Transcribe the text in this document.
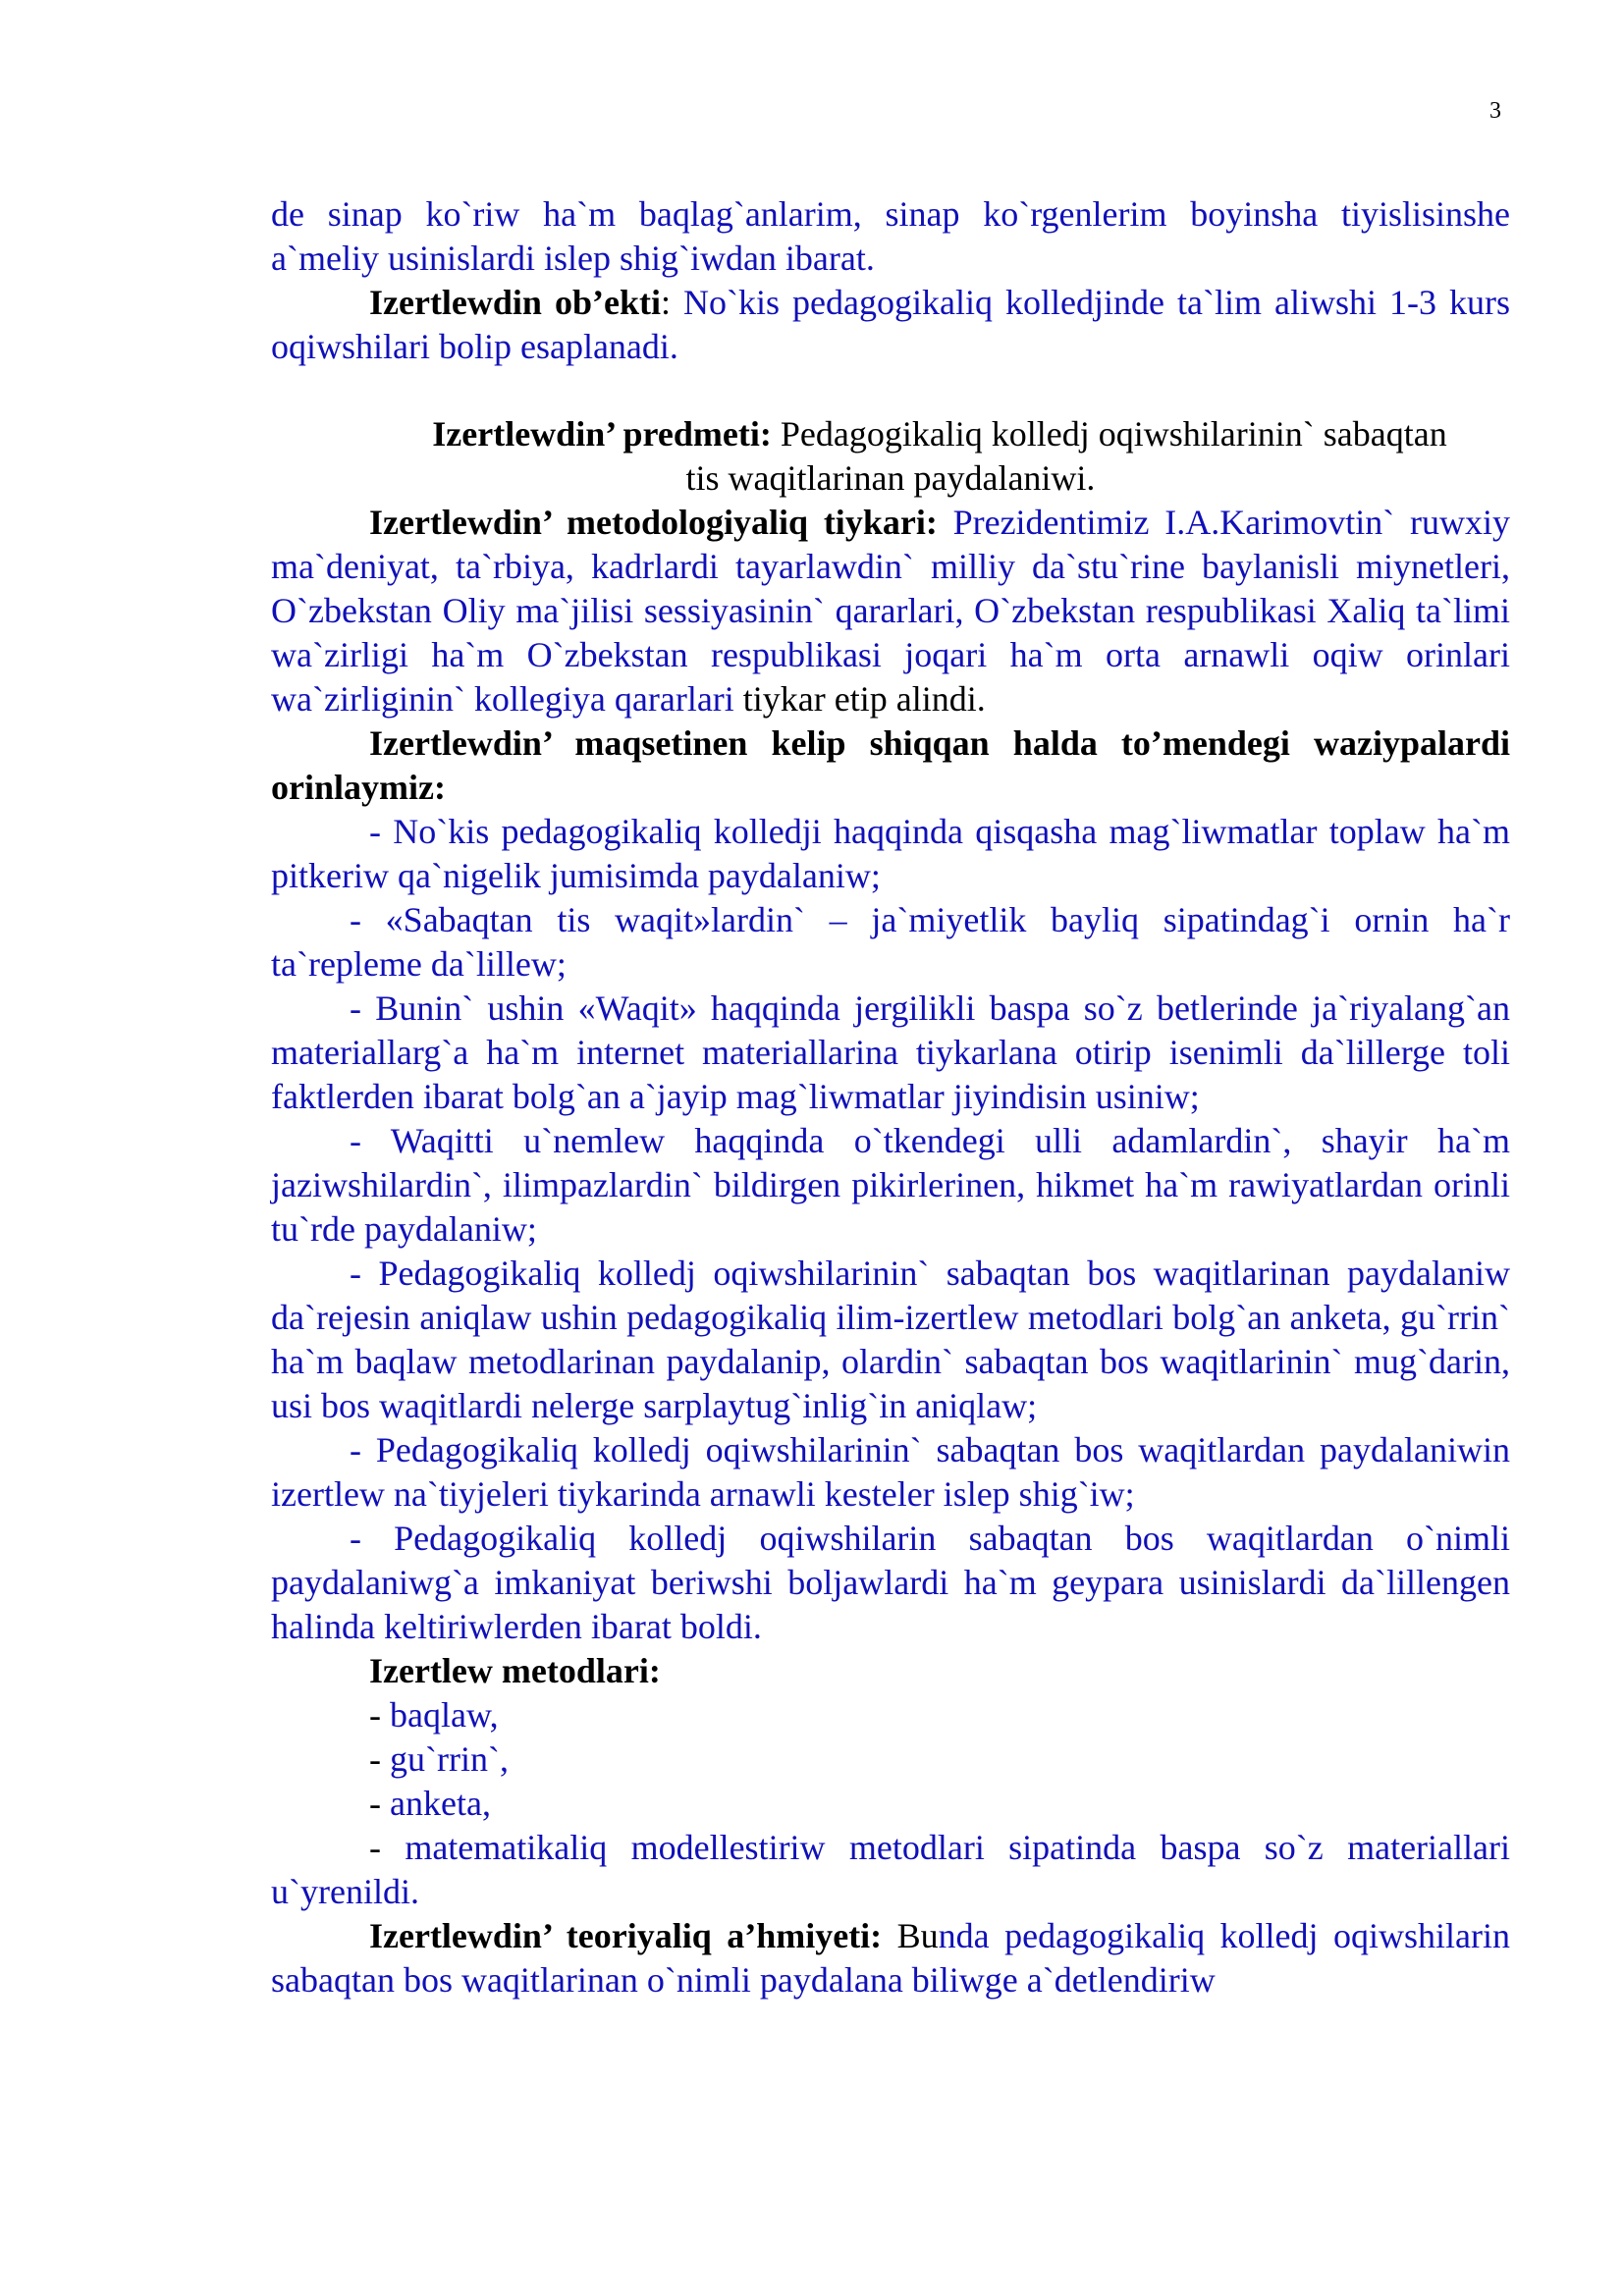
3

de sinap ko`riw ha`m baqlag`anlarim, sinap ko`rgenlerim boyinsha tiyislisinshe a`meliy usinislardi islep shig`iwdan ibarat.

Izertlewdin ob’ekti: No`kis pedagogikaliq kolledjinde ta`lim aliwshi 1-3 kurs oqiwshilari bolip esaplanadi.

Izertlewdin’ predmeti: Pedagogikaliq kolledj oqiwshilarinin` sabaqtan

tis waqitlarinan paydalaniwi.

Izertlewdin’ metodologiyaliq tiykari: Prezidentimiz I.A.Karimovtin` ruwxiy ma`deniyat, ta`rbiya, kadrlardi tayarlawdin` milliy da`stu`rine baylanisli miynetleri, O`zbekstan Oliy ma`jilisi sessiyasinin` qararlari, O`zbekstan respublikasi Xaliq ta`limi wa`zirligi ha`m O`zbekstan respublikasi joqari ha`m orta arnawli oqiw orinlari wa`zirliginin` kollegiya qararlari tiykar etip alindi.

Izertlewdin’ maqsetinen kelip shiqqan halda to’mendegi waziypalardi orinlaymiz:

- No`kis pedagogikaliq kolledji haqqinda qisqasha mag`liwmatlar toplaw ha`m pitkeriw qa`nigelik jumisimda paydalaniw;

- «Sabaqtan tis waqit»lardin` – ja`miyetlik bayliq sipatindag`i ornin ha`r ta`repleme da`lillew;

- Bunin` ushin «Waqit» haqqinda jergilikli baspa so`z betlerinde ja`riyalang`an materiallarg`a ha`m internet materiallarina tiykarlana otirip isenimli da`lillerge toli faktlerden ibarat bolg`an a`jayip mag`liwmatlar jiyindisin usiniw;

- Waqitti u`nemlew haqqinda o`tkendegi ulli adamlardin`, shayir ha`m jaziwshilardin`, ilimpazlardin` bildirgen pikirlerinen, hikmet ha`m rawiyatlardan orinli tu`rde paydalaniw;

- Pedagogikaliq kolledj oqiwshilarinin` sabaqtan bos waqitlarinan paydalaniw da`rejesin aniqlaw ushin pedagogikaliq ilim-izertlew metodlari bolg`an anketa, gu`rrin` ha`m baqlaw metodlarinan paydalanip, olardin` sabaqtan bos waqitlarinin` mug`darin, usi bos waqitlardi nelerge sarplaytug`inlig`in aniqlaw;

- Pedagogikaliq kolledj oqiwshilarinin` sabaqtan bos waqitlardan paydalaniwin izertlew na`tiyjeleri tiykarinda arnawli kesteler islep shig`iw;

- Pedagogikaliq kolledj oqiwshilarin sabaqtan bos waqitlardan o`nimli paydalaniwg`a imkaniyat beriwshi boljawlardi ha`m geypara usinislardi da`lillengen halinda keltiriwlerden ibarat boldi.

Izertlew metodlari:

- baqlaw,

- gu`rrin`,

- anketa,

- matematikaliq modellestiriw metodlari sipatinda baspa so`z materiallari u`yrenildi.

Izertlewdin’ teoriyaliq a’hmiyeti: Bunda pedagogikaliq kolledj oqiwshilarin sabaqtan bos waqitlarinan o`nimli paydalana biliwge a`detlendiriw
